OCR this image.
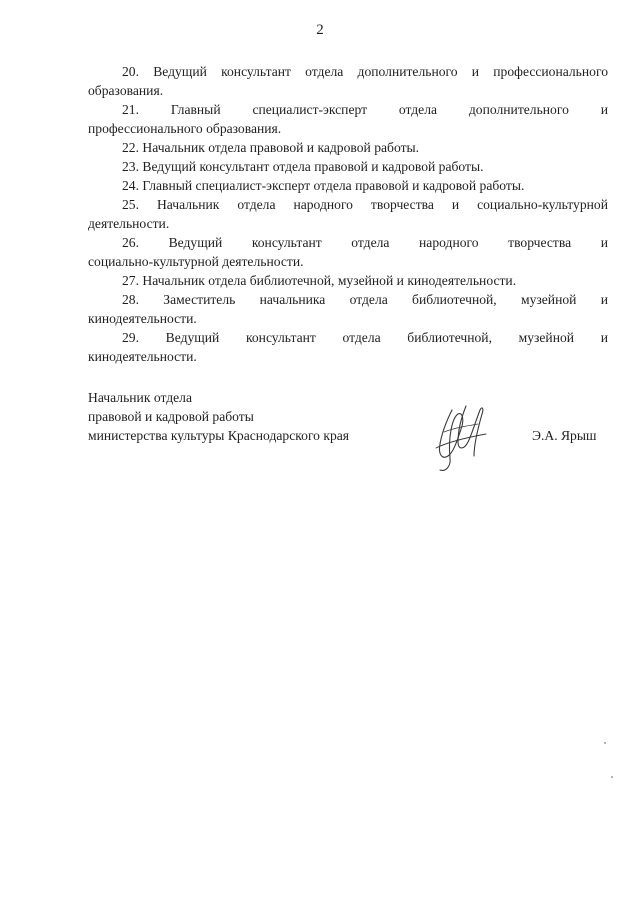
2
20. Ведущий консультант отдела дополнительного и профессионального
образования.
21. Главный специалист-эксперт отдела дополнительного и
профессионального образования.
22. Начальник отдела правовой и кадровой работы.
23. Ведущий консультант отдела правовой и кадровой работы.
24. Главный специалист-эксперт отдела правовой и кадровой работы.
25. Начальник отдела народного творчества и социально-культурной
деятельности.
26. Ведущий консультант отдела народного творчества и
социально-культурной деятельности.
27. Начальник отдела библиотечной, музейной и кинодеятельности.
28. Заместитель начальника отдела библиотечной, музейной и
кинодеятельности.
29. Ведущий консультант отдела библиотечной, музейной и
кинодеятельности.
Начальник отдела
правовой и кадровой работы
министерства культуры Краснодарского края	Э.А. Ярыш
